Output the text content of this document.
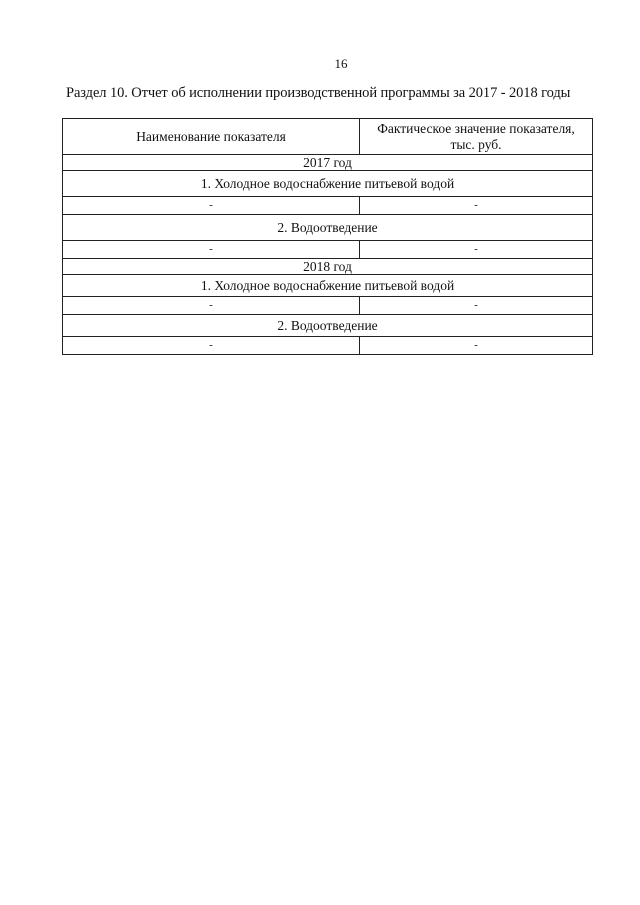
16
Раздел 10. Отчет об исполнении производственной программы за 2017 - 2018 годы
Наименование показателя	Фактическое значение показателя, тыс. руб.
2017 год	
1. Холодное водоснабжение питьевой водой	
-	-
2. Водоотведение	
-	-
2018 год	
1. Холодное водоснабжение питьевой водой	
-	-
2. Водоотведение	
-	-
